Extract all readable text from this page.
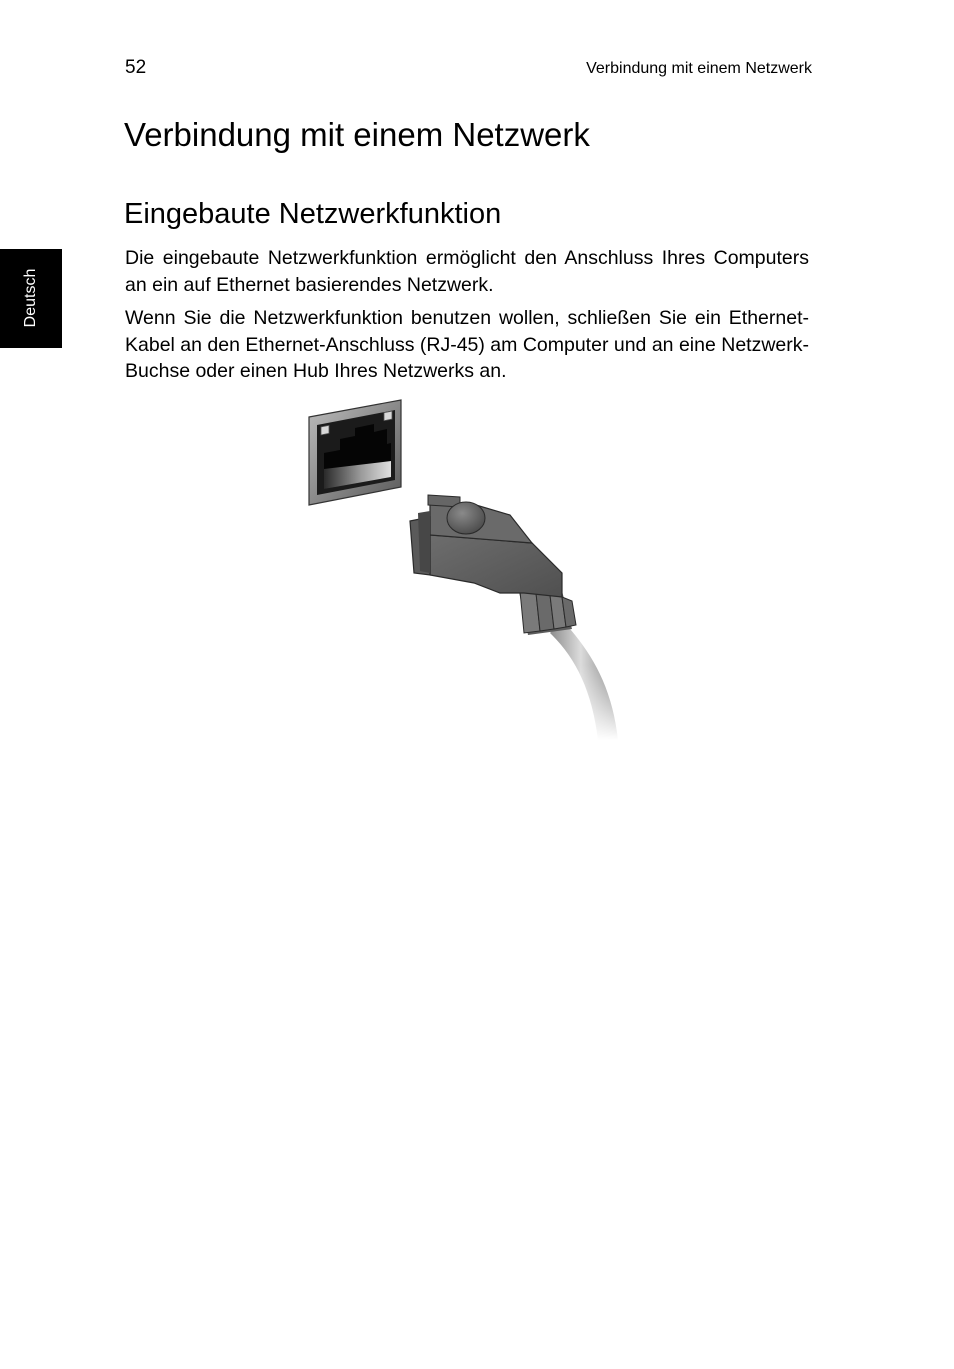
52	Verbindung mit einem Netzwerk
Deutsch
Verbindung mit einem Netzwerk
Eingebaute Netzwerkfunktion

Die eingebaute Netzwerkfunktion ermöglicht den Anschluss Ihres Computers an ein auf Ethernet basierendes Netzwerk.

Wenn Sie die Netzwerkfunktion benutzen wollen, schließen Sie ein Ethernet-Kabel an den Ethernet-Anschluss (RJ-45) am Computer und an eine Netzwerk-Buchse oder einen Hub Ihres Netzwerks an.
